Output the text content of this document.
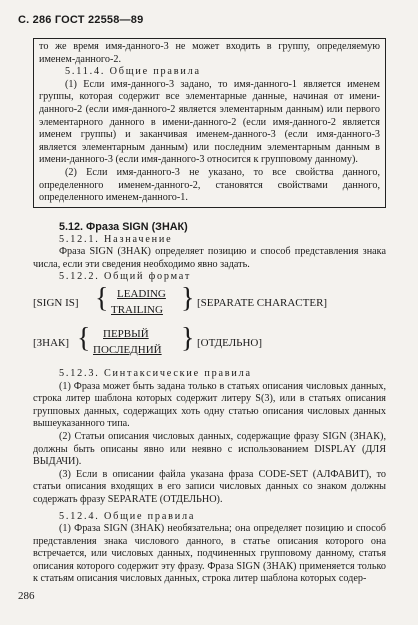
С. 286 ГОСТ 22558—89

то же время имя-данного-3 не может входить в группу, определяемую именем-данного-2.

5.11.4. Общие правила

(1) Если имя-данного-3 задано, то имя-данного-1 является именем группы, которая содержит все элементарные данные, начиная от имени-данного-2 (если имя-данного-2 является элементарным данным) или первого элементарного данного в имени-данного-2 (если имя-данного-2 является именем группы) и заканчивая именем-данного-3 (если имя-данного-3 является элементарным данным) или последним элементарным данным в имени-данного-3 (если имя-данного-3 относится к групповому данному).

(2) Если имя-данного-3 не указано, то все свойства данного, определенного именем-данного-2, становятся свойствами данного, определенного именем-данного-1.

5.12. Фраза SIGN (ЗНАК)

5.12.1. Назначение

Фраза SIGN (ЗНАК) определяет позицию и способ представления знака числа, если эти сведения необходимо явно задать.

5.12.2. Общий формат

[SIGN IS] { LEADING
TRAILING } [SEPARATE CHARACTER]
[ЗНАК] { ПЕРВЫЙ
ПОСЛЕДНИЙ } [ОТДЕЛЬНО]

5.12.3. Синтаксические правила

(1) Фраза может быть задана только в статьях описания числовых данных, строка литер шаблона которых содержит литеру S(3), или в статьях описания групповых данных, содержащих хоть одну статью описания числовых данных вышеуказанного типа.

(2) Статьи описания числовых данных, содержащие фразу SIGN (ЗНАК), должны быть описаны явно или неявно с использованием DISPLAY (ДЛЯ ВЫДАЧИ).

(3) Если в описании файла указана фраза CODE-SET (АЛФАВИТ), то статьи описания входящих в его записи числовых данных со знаком должны содержать фразу SEPARATE (ОТДЕЛЬНО).

5.12.4. Общие правила

(1) Фраза SIGN (ЗНАК) необязательна; она определяет позицию и способ представления знака числового данного, в статье описания которого она встречается, или числовых данных, подчиненных групповому данному, статья описания которого содержит эту фразу. Фраза SIGN (ЗНАК) применяется только к статьям описания числовых данных, строка литер шаблона которых содер-

286
